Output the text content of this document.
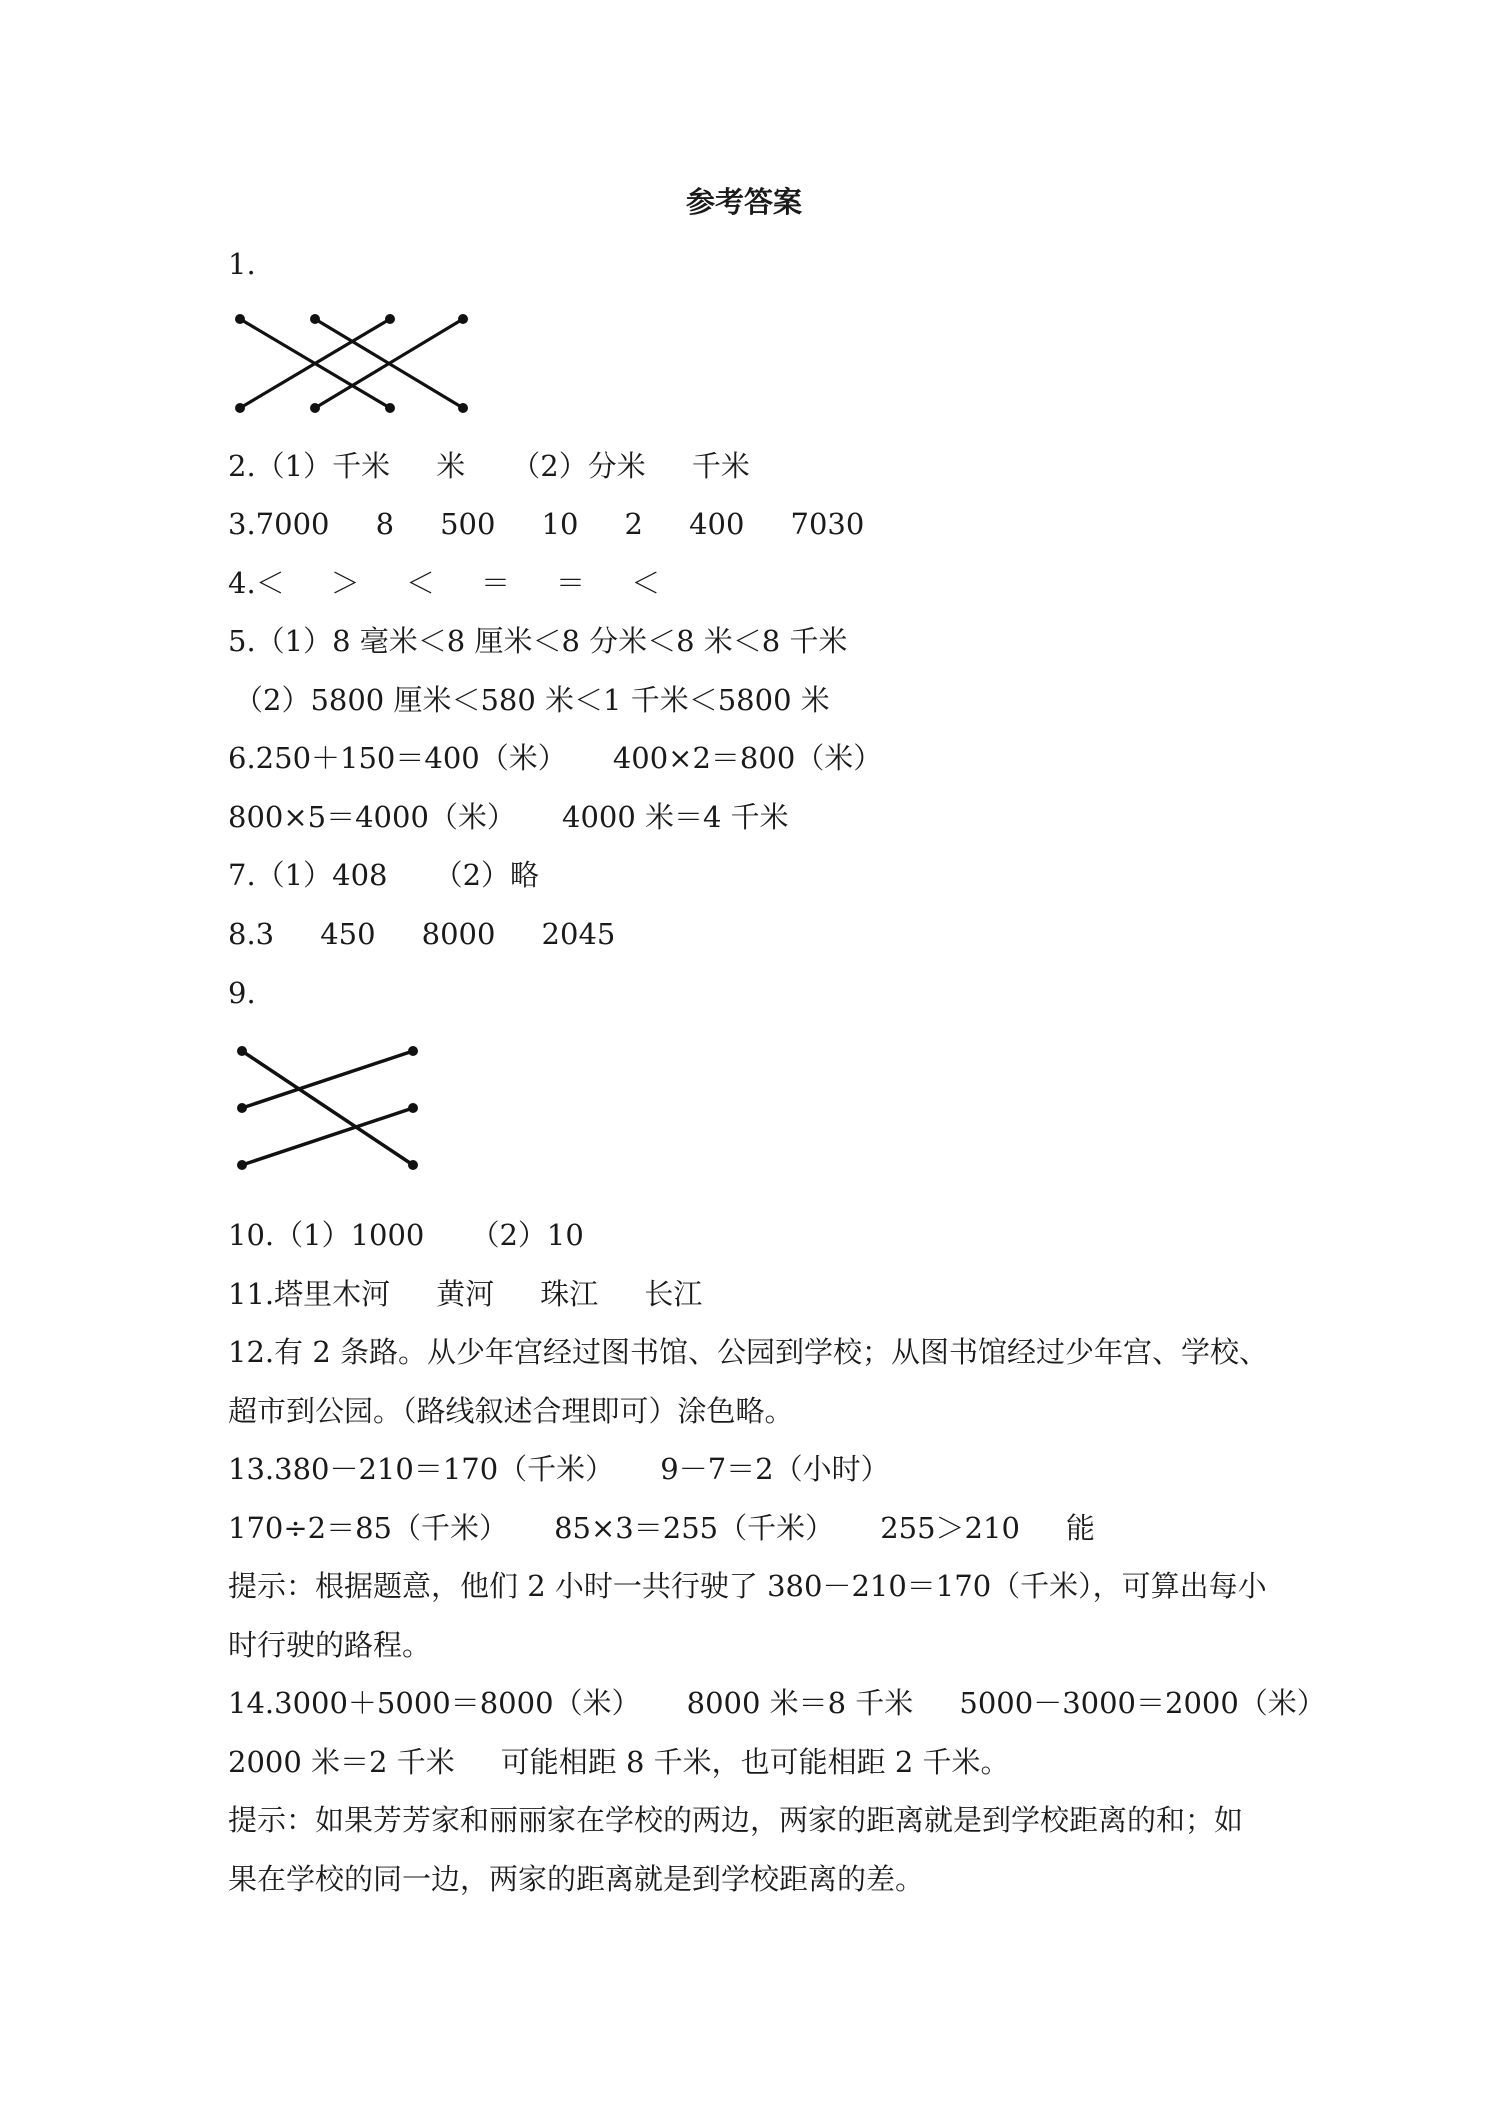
参考答案
1.
2.（1）千米     米     （2）分米     千米
3.7000     8     500     10     2     400     7030
4.＜     ＞     ＜     ＝     ＝     ＜
5.（1）8 毫米＜8 厘米＜8 分米＜8 米＜8 千米
（2）5800 厘米＜580 米＜1 千米＜5800 米
6.250＋150＝400（米）     400×2＝800（米）
800×5＝4000（米）     4000 米＝4 千米
7.（1）408     （2）略
8.3     450     8000     2045
9.
10.（1）1000     （2）10
11.塔里木河     黄河     珠江     长江
12.有 2 条路。从少年宫经过图书馆、公园到学校；从图书馆经过少年宫、学校、
超市到公园。（路线叙述合理即可）涂色略。
13.380－210＝170（千米）     9－7＝2（小时）
170÷2＝85（千米）     85×3＝255（千米）     255＞210     能
提示：根据题意，他们 2 小时一共行驶了 380－210＝170（千米），可算出每小
时行驶的路程。
14.3000＋5000＝8000（米）     8000 米＝8 千米     5000－3000＝2000（米）
2000 米＝2 千米     可能相距 8 千米，也可能相距 2 千米。
提示：如果芳芳家和丽丽家在学校的两边，两家的距离就是到学校距离的和；如
果在学校的同一边，两家的距离就是到学校距离的差。
